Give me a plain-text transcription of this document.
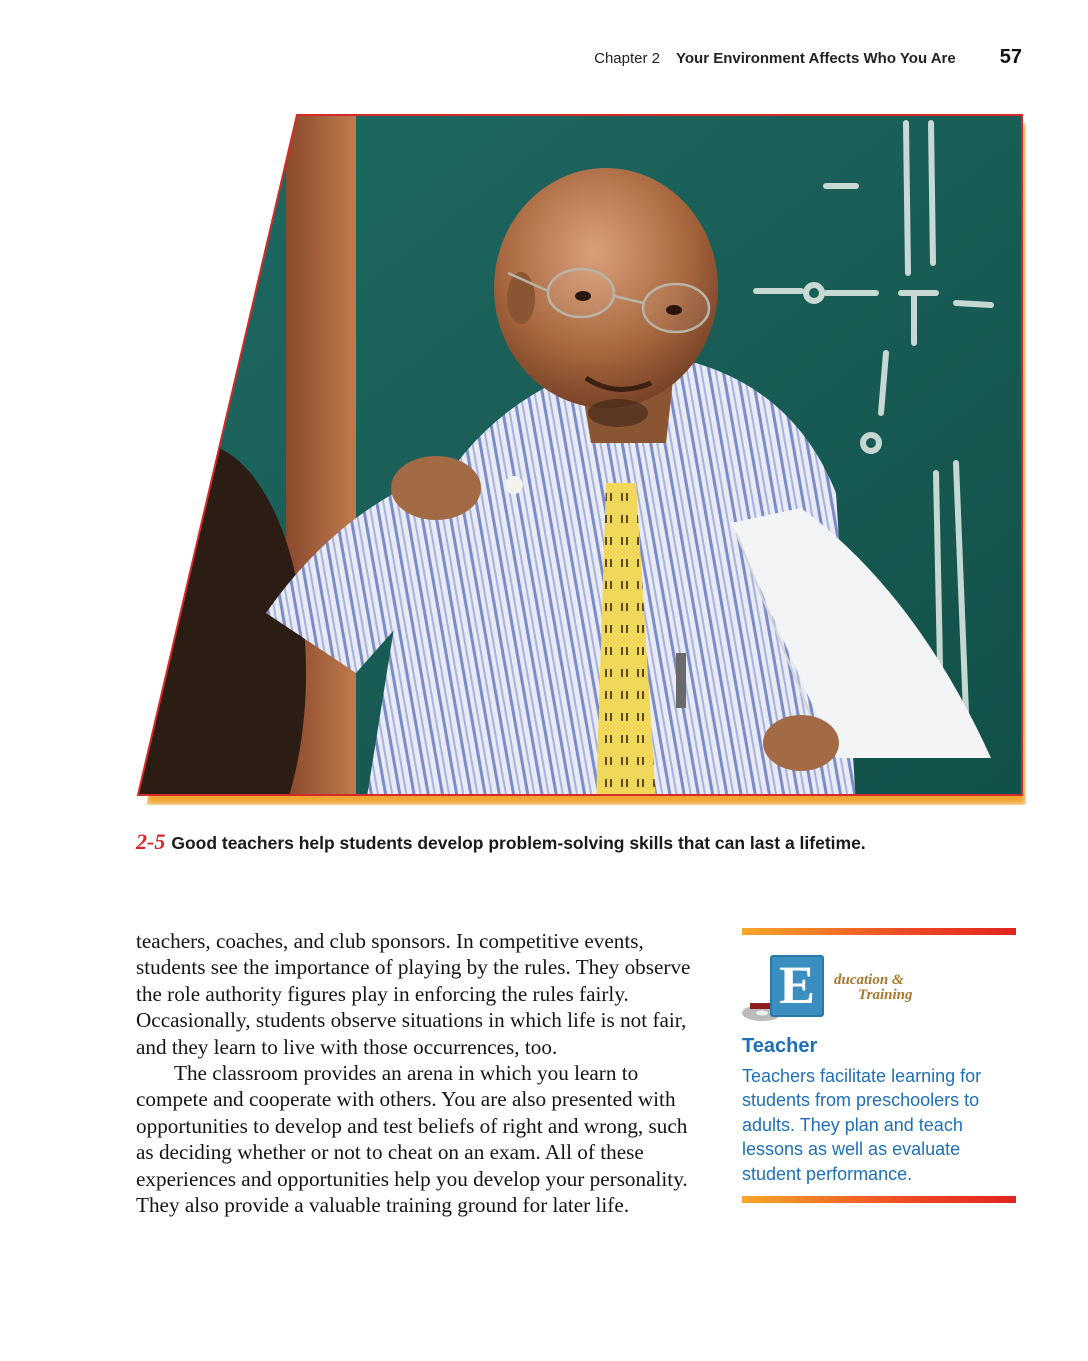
Chapter 2 Your Environment Affects Who You Are 57
2-5 Good teachers help students develop problem-solving skills that can last a lifetime.

teachers, coaches, and club sponsors. In competitive events, students see the importance of playing by the rules. They observe the role authority figures play in enforcing the rules fairly. Occasionally, students observe situations in which life is not fair, and they learn to live with those occurrences, too.

The classroom provides an arena in which you learn to compete and cooperate with others. You are also presented with opportunities to develop and test beliefs of right and wrong, such as deciding whether or not to cheat on an exam. All of these experiences and opportunities help you develop your personality. They also provide a valuable training ground for later life.

E ducation &
Training
Teacher
Teachers facilitate learning for students from preschoolers to adults. They plan and teach lessons as well as evaluate student performance.
